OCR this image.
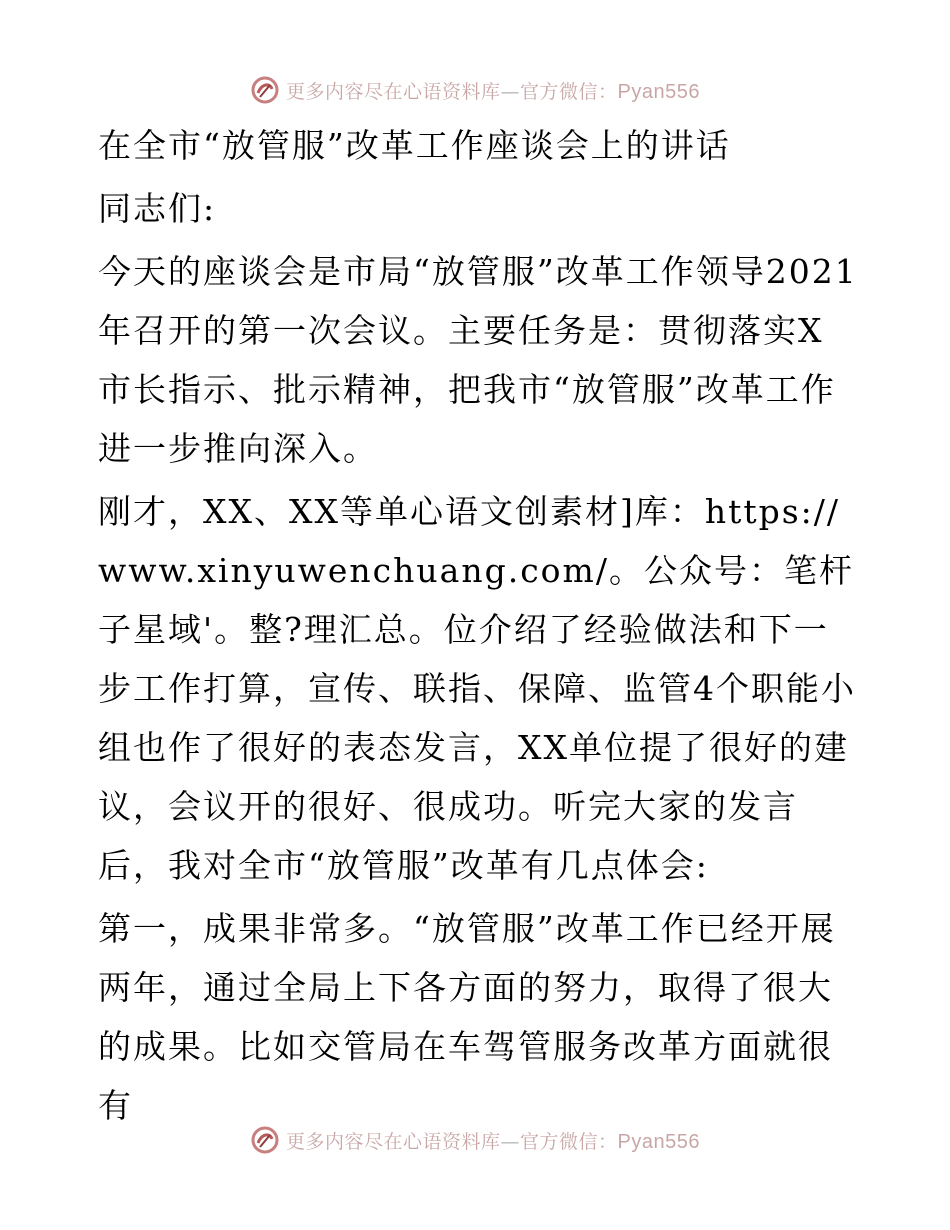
更多内容尽在心语资料库—官方微信：Pyan556

在全市“放管服”改革工作座谈会上的讲话

同志们:

今天的座谈会是市局“放管服”改革工作领导2021年召开的第一次会议。主要任务是：贯彻落实X市长指示、批示精神，把我市“放管服”改革工作进一步推向深入。

刚才，XX、XX等单心语文创素材]库：https://www.xinyuwenchuang.com/。公众号：笔杆子星域'。整?理汇总。位介绍了经验做法和下一步工作打算，宣传、联指、保障、监管4个职能小组也作了很好的表态发言，XX单位提了很好的建议，会议开的很好、很成功。听完大家的发言后，我对全市“放管服”改革有几点体会:

第一，成果非常多。“放管服”改革工作已经开展两年，通过全局上下各方面的努力，取得了很大的成果。比如交管局在车驾管服务改革方面就很有

更多内容尽在心语资料库—官方微信：Pyan556
